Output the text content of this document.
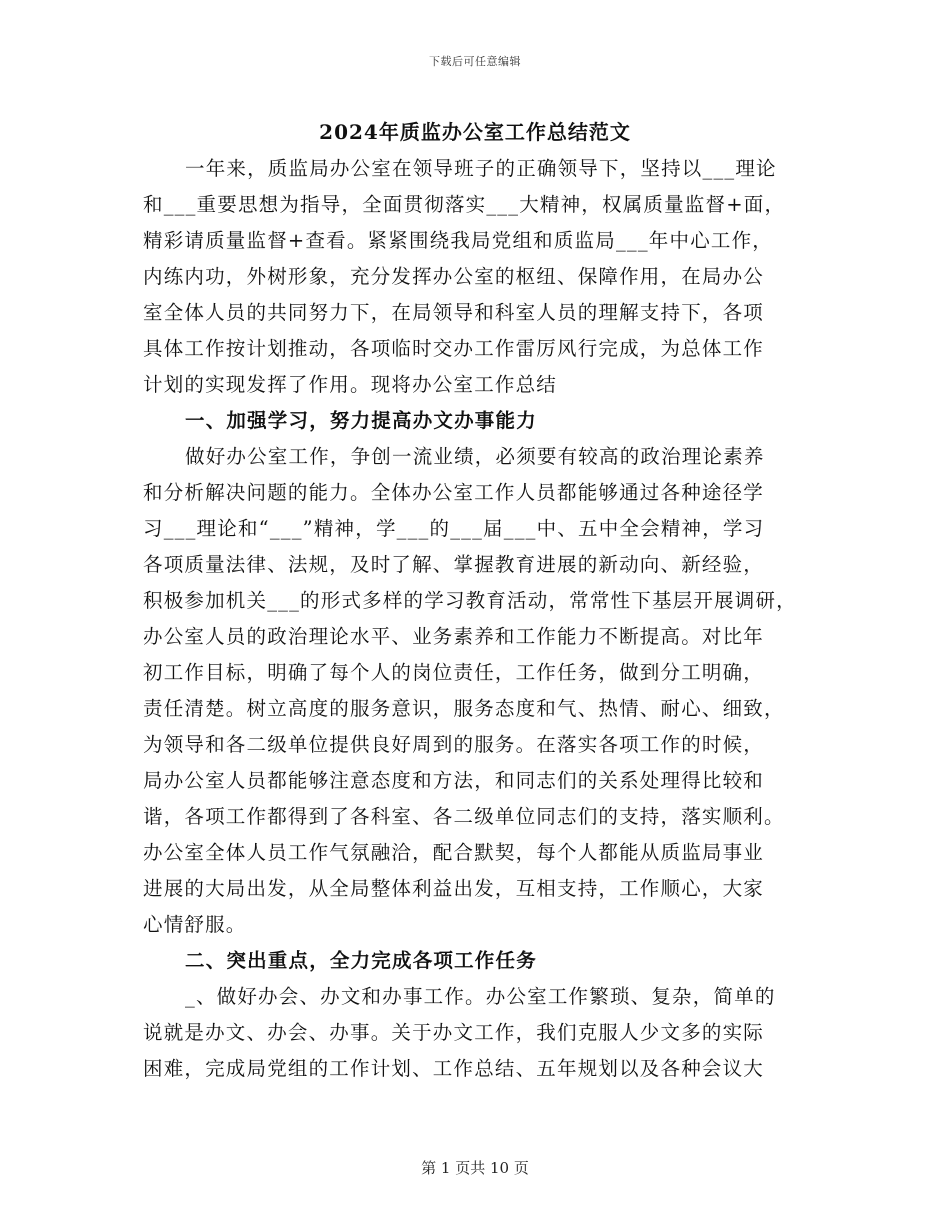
下载后可任意编辑
2024年质监办公室工作总结范文
一年来，质监局办公室在领导班子的正确领导下，坚持以___理论
和___重要思想为指导，全面贯彻落实___大精神，权属质量监督+面，
精彩请质量监督+查看。紧紧围绕我局党组和质监局___年中心工作，
内练内功，外树形象，充分发挥办公室的枢纽、保障作用，在局办公
室全体人员的共同努力下，在局领导和科室人员的理解支持下，各项
具体工作按计划推动，各项临时交办工作雷厉风行完成，为总体工作
计划的实现发挥了作用。现将办公室工作总结
一、加强学习，努力提高办文办事能力
做好办公室工作，争创一流业绩，必须要有较高的政治理论素养
和分析解决问题的能力。全体办公室工作人员都能够通过各种途径学
习___理论和“___”精神，学___的___届___中、五中全会精神，学习
各项质量法律、法规，及时了解、掌握教育进展的新动向、新经验，
积极参加机关___的形式多样的学习教育活动，常常性下基层开展调研，
办公室人员的政治理论水平、业务素养和工作能力不断提高。对比年
初工作目标，明确了每个人的岗位责任，工作任务，做到分工明确，
责任清楚。树立高度的服务意识，服务态度和气、热情、耐心、细致，
为领导和各二级单位提供良好周到的服务。在落实各项工作的时候，
局办公室人员都能够注意态度和方法，和同志们的关系处理得比较和
谐，各项工作都得到了各科室、各二级单位同志们的支持，落实顺利。
办公室全体人员工作气氛融洽，配合默契，每个人都能从质监局事业
进展的大局出发，从全局整体利益出发，互相支持，工作顺心，大家
心情舒服。
二、突出重点，全力完成各项工作任务
_、做好办会、办文和办事工作。办公室工作繁琐、复杂，简单的
说就是办文、办会、办事。关于办文工作，我们克服人少文多的实际
困难，完成局党组的工作计划、工作总结、五年规划以及各种会议大
第 1 页共 10 页
